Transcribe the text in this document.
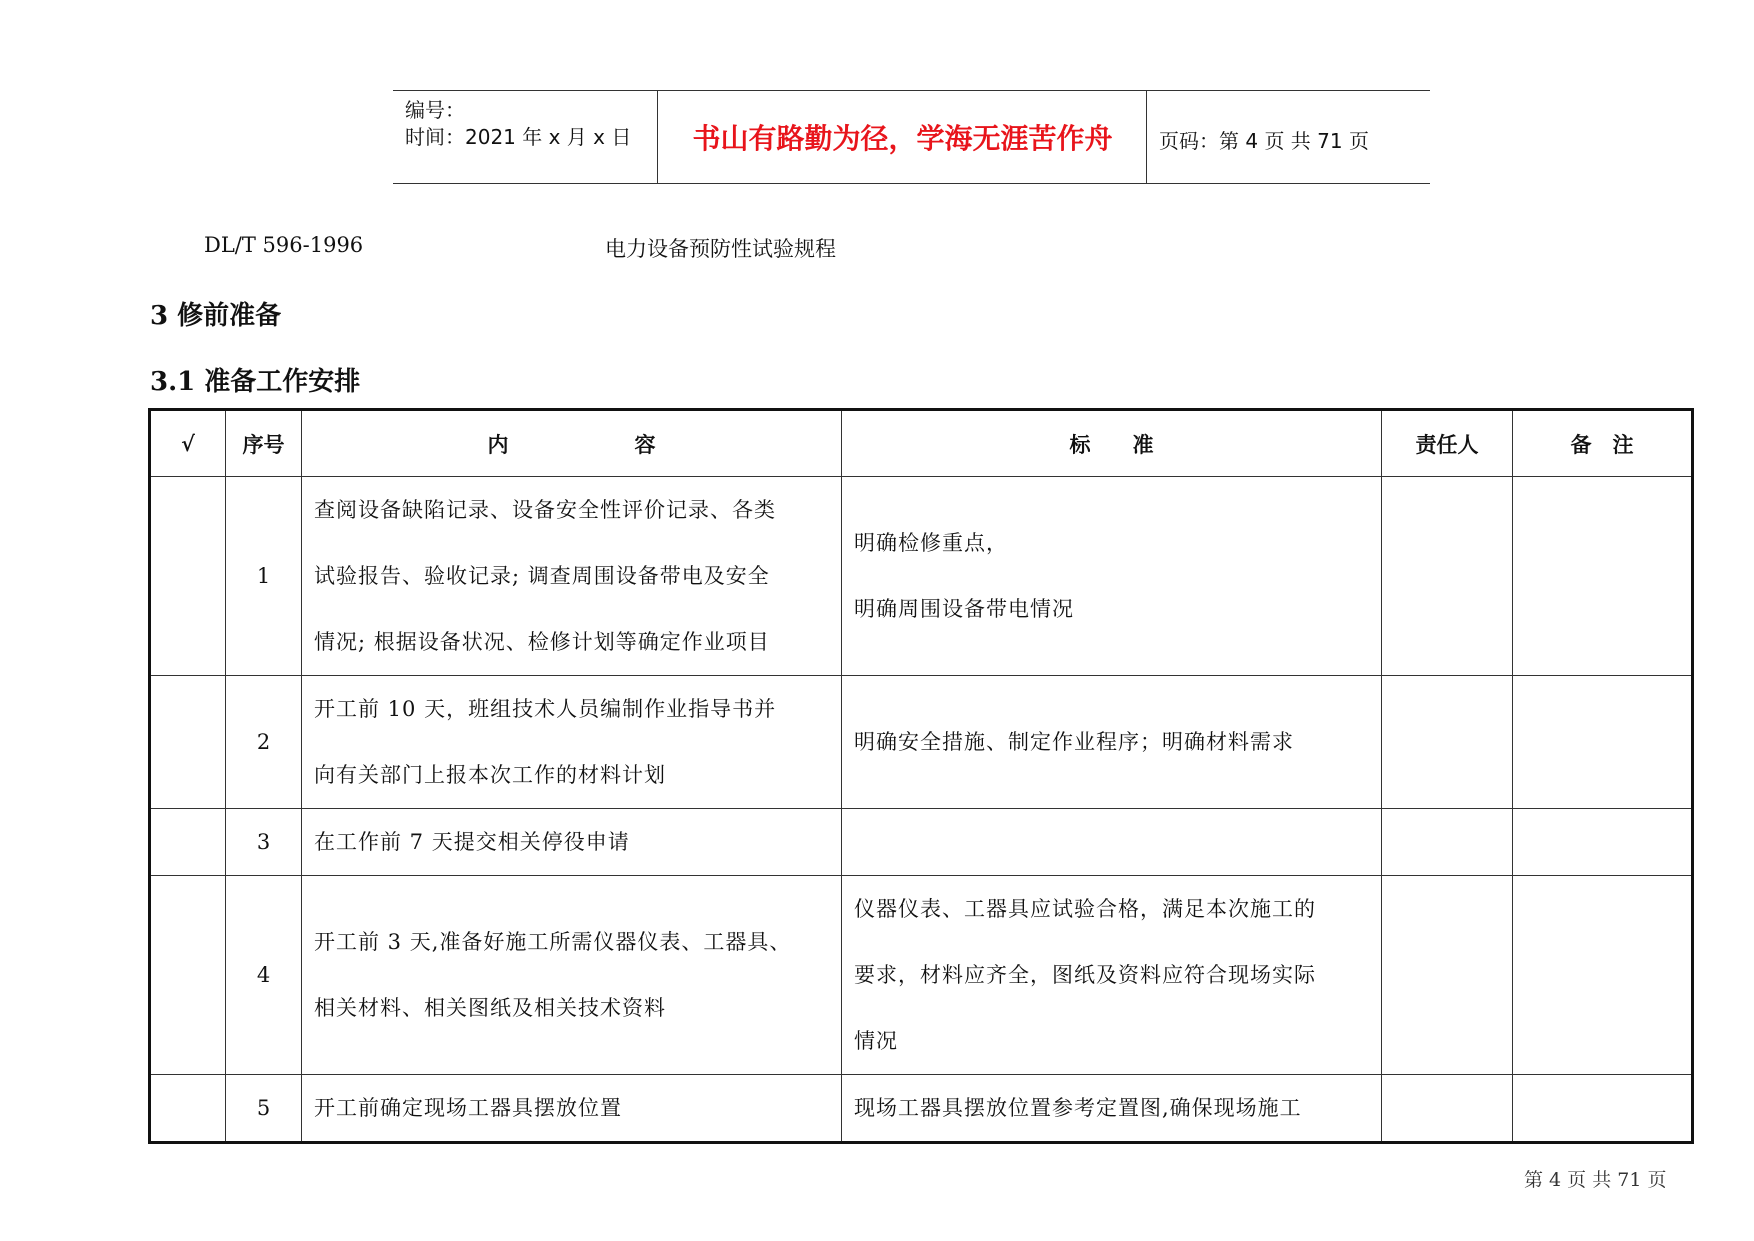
编号：
时间：2021 年 x 月 x 日	书山有路勤为径，学海无涯苦作舟	页码：第 4 页 共 71 页
DL/T 596-1996	电力设备预防性试验规程
3 修前准备
3.1 准备工作安排
√	序号	内　　　　　　容	标　　准	责任人	备　注
	1	查阅设备缺陷记录、设备安全性评价记录、各类
试验报告、验收记录; 调查周围设备带电及安全
情况; 根据设备状况、检修计划等确定作业项目	明确检修重点，
明确周围设备带电情况		

	2	开工前 10 天，班组技术人员编制作业指导书并
向有关部门上报本次工作的材料计划	明确安全措施、制定作业程序；明确材料需求		

	3	在工作前 7 天提交相关停役申请			

	4	开工前 3 天,准备好施工所需仪器仪表、工器具、
相关材料、相关图纸及相关技术资料	仪器仪表、工器具应试验合格，满足本次施工的
要求，材料应齐全，图纸及资料应符合现场实际
情况		

	5	开工前确定现场工器具摆放位置	现场工器具摆放位置参考定置图,确保现场施工		

第 4 页 共 71 页
